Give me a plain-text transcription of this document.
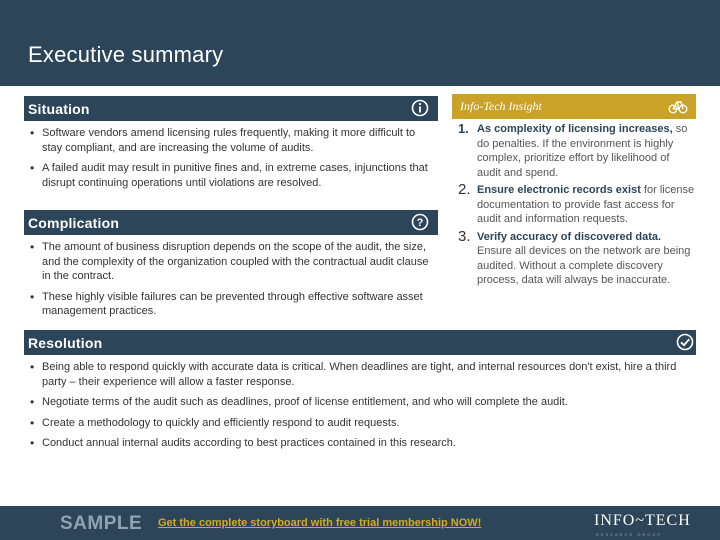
Executive summary
Situation
• Software vendors amend licensing rules frequently, making it more difficult to stay compliant, and are increasing the volume of audits.
• A failed audit may result in punitive fines and, in extreme cases, injunctions that disrupt continuing operations until violations are resolved.
Complication	?
• The amount of business disruption depends on the scope of the audit, the size, and the complexity of the organization coupled with the contractual audit clause in the contract.
• These highly visible failures can be prevented through effective software asset management practices.
Info-Tech Insight
1. As complexity of licensing increases, so do penalties. If the environment is highly complex, prioritize effort by likelihood of audit and spend.
2. Ensure electronic records exist for license documentation to provide fast access for audit and information requests.
3. Verify accuracy of discovered data. Ensure all devices on the network are being audited. Without a complete discovery process, data will always be inaccurate.
Resolution
• Being able to respond quickly with accurate data is critical. When deadlines are tight, and internal resources don't exist, hire a third party – their experience will allow a faster response.
• Negotiate terms of the audit such as deadlines, proof of license entitlement, and who will complete the audit.
• Create a methodology to quickly and efficiently respond to audit requests.
• Conduct annual internal audits according to best practices contained in this research.
SAMPLE Get the complete storyboard with free trial membership NOW!	INFO~TECH
RESEARCH GROUP
